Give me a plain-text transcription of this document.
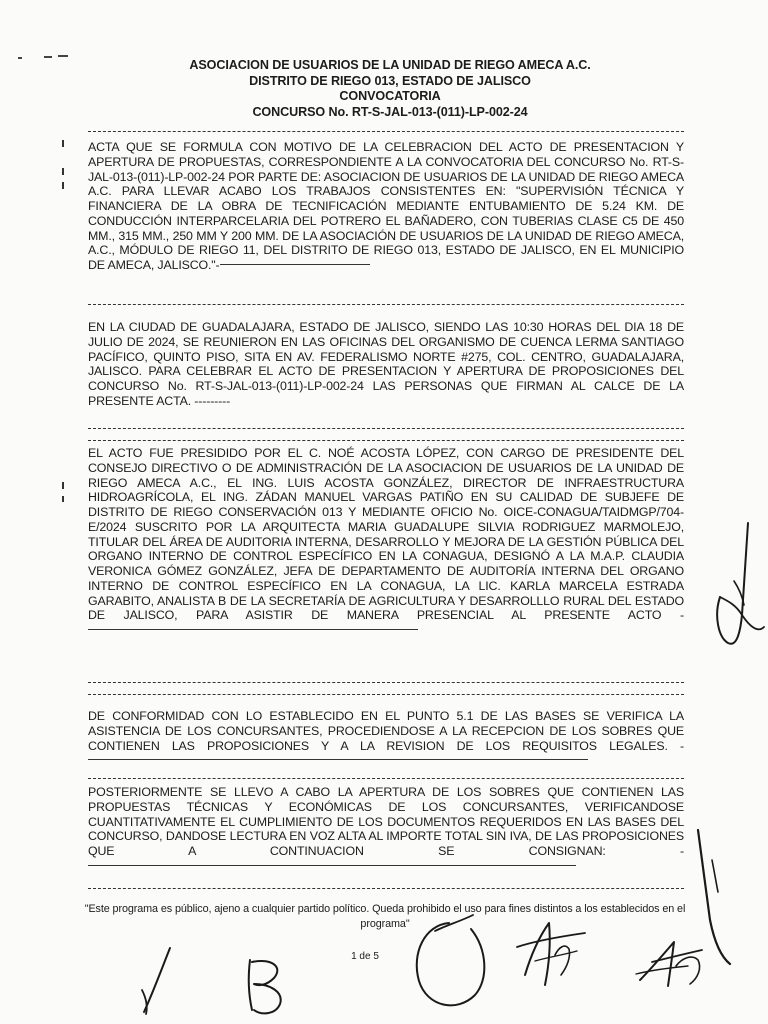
ASOCIACION DE USUARIOS DE LA UNIDAD DE RIEGO AMECA A.C.
DISTRITO DE RIEGO 013, ESTADO DE JALISCO
CONVOCATORIA
CONCURSO No. RT-S-JAL-013-(011)-LP-002-24
ACTA QUE SE FORMULA CON MOTIVO DE LA CELEBRACION DEL ACTO DE PRESENTACION Y APERTURA DE PROPUESTAS, CORRESPONDIENTE A LA CONVOCATORIA DEL CONCURSO No. RT-S-JAL-013-(011)-LP-002-24 POR PARTE DE: ASOCIACION DE USUARIOS DE LA UNIDAD DE RIEGO AMECA A.C. PARA LLEVAR ACABO LOS TRABAJOS CONSISTENTES EN: "SUPERVISIÓN TÉCNICA Y FINANCIERA DE LA OBRA DE TECNIFICACIÓN MEDIANTE ENTUBAMIENTO DE 5.24 KM. DE CONDUCCIÓN INTERPARCELARIA DEL POTRERO EL BAÑADERO, CON TUBERIAS CLASE C5 DE 450 MM., 315 MM., 250 MM Y 200 MM. DE LA ASOCIACIÓN DE USUARIOS DE LA UNIDAD DE RIEGO AMECA, A.C., MÓDULO DE RIEGO 11, DEL DISTRITO DE RIEGO 013, ESTADO DE JALISCO, EN EL MUNICIPIO DE AMECA, JALISCO."-
EN LA CIUDAD DE GUADALAJARA, ESTADO DE JALISCO, SIENDO LAS 10:30 HORAS DEL DIA 18 DE JULIO DE 2024, SE REUNIERON EN LAS OFICINAS DEL ORGANISMO DE CUENCA LERMA SANTIAGO PACÍFICO, QUINTO PISO, SITA EN AV. FEDERALISMO NORTE #275, COL. CENTRO, GUADALAJARA, JALISCO. PARA CELEBRAR EL ACTO DE PRESENTACION Y APERTURA DE PROPOSICIONES DEL CONCURSO No. RT-S-JAL-013-(011)-LP-002-24 LAS PERSONAS QUE FIRMAN AL CALCE DE LA PRESENTE ACTA. ---------
EL ACTO FUE PRESIDIDO POR EL C. NOÉ ACOSTA LÓPEZ, CON CARGO DE PRESIDENTE DEL CONSEJO DIRECTIVO O DE ADMINISTRACIÓN DE LA ASOCIACION DE USUARIOS DE LA UNIDAD DE RIEGO AMECA A.C., EL ING. LUIS ACOSTA GONZÁLEZ, DIRECTOR DE INFRAESTRUCTURA HIDROAGRÍCOLA, EL ING. ZÁDAN MANUEL VARGAS PATIÑO EN SU CALIDAD DE SUBJEFE DE DISTRITO DE RIEGO CONSERVACIÓN 013 Y MEDIANTE OFICIO No. OICE-CONAGUA/TAIDMGP/704-E/2024 SUSCRITO POR LA ARQUITECTA MARIA GUADALUPE SILVIA RODRIGUEZ MARMOLEJO, TITULAR DEL ÁREA DE AUDITORIA INTERNA, DESARROLLO Y MEJORA DE LA GESTIÓN PÚBLICA DEL ORGANO INTERNO DE CONTROL ESPECÍFICO EN LA CONAGUA, DESIGNÓ A LA M.A.P. CLAUDIA VERONICA GÓMEZ GONZÁLEZ, JEFA DE DEPARTAMENTO DE AUDITORÍA INTERNA DEL ORGANO INTERNO DE CONTROL ESPECÍFICO EN LA CONAGUA, LA LIC. KARLA MARCELA ESTRADA GARABITO, ANALISTA B DE LA SECRETARÍA DE AGRICULTURA Y DESARROLLLO RURAL DEL ESTADO DE JALISCO, PARA ASISTIR DE MANERA PRESENCIAL AL PRESENTE ACTO -
DE CONFORMIDAD CON LO ESTABLECIDO EN EL PUNTO 5.1 DE LAS BASES SE VERIFICA LA ASISTENCIA DE LOS CONCURSANTES, PROCEDIENDOSE A LA RECEPCION DE LOS SOBRES QUE CONTIENEN LAS PROPOSICIONES Y A LA REVISION DE LOS REQUISITOS LEGALES. -
POSTERIORMENTE SE LLEVO A CABO LA APERTURA DE LOS SOBRES QUE CONTIENEN LAS PROPUESTAS TÉCNICAS Y ECONÓMICAS DE LOS CONCURSANTES, VERIFICANDOSE CUANTITATIVAMENTE EL CUMPLIMIENTO DE LOS DOCUMENTOS REQUERIDOS EN LAS BASES DEL CONCURSO, DANDOSE LECTURA EN VOZ ALTA AL IMPORTE TOTAL SIN IVA, DE LAS PROPOSICIONES QUE A CONTINUACION SE CONSIGNAN: -
"Este programa es público, ajeno a cualquier partido político. Queda prohibido el uso para fines distintos a los establecidos en el programa"
1 de 5
